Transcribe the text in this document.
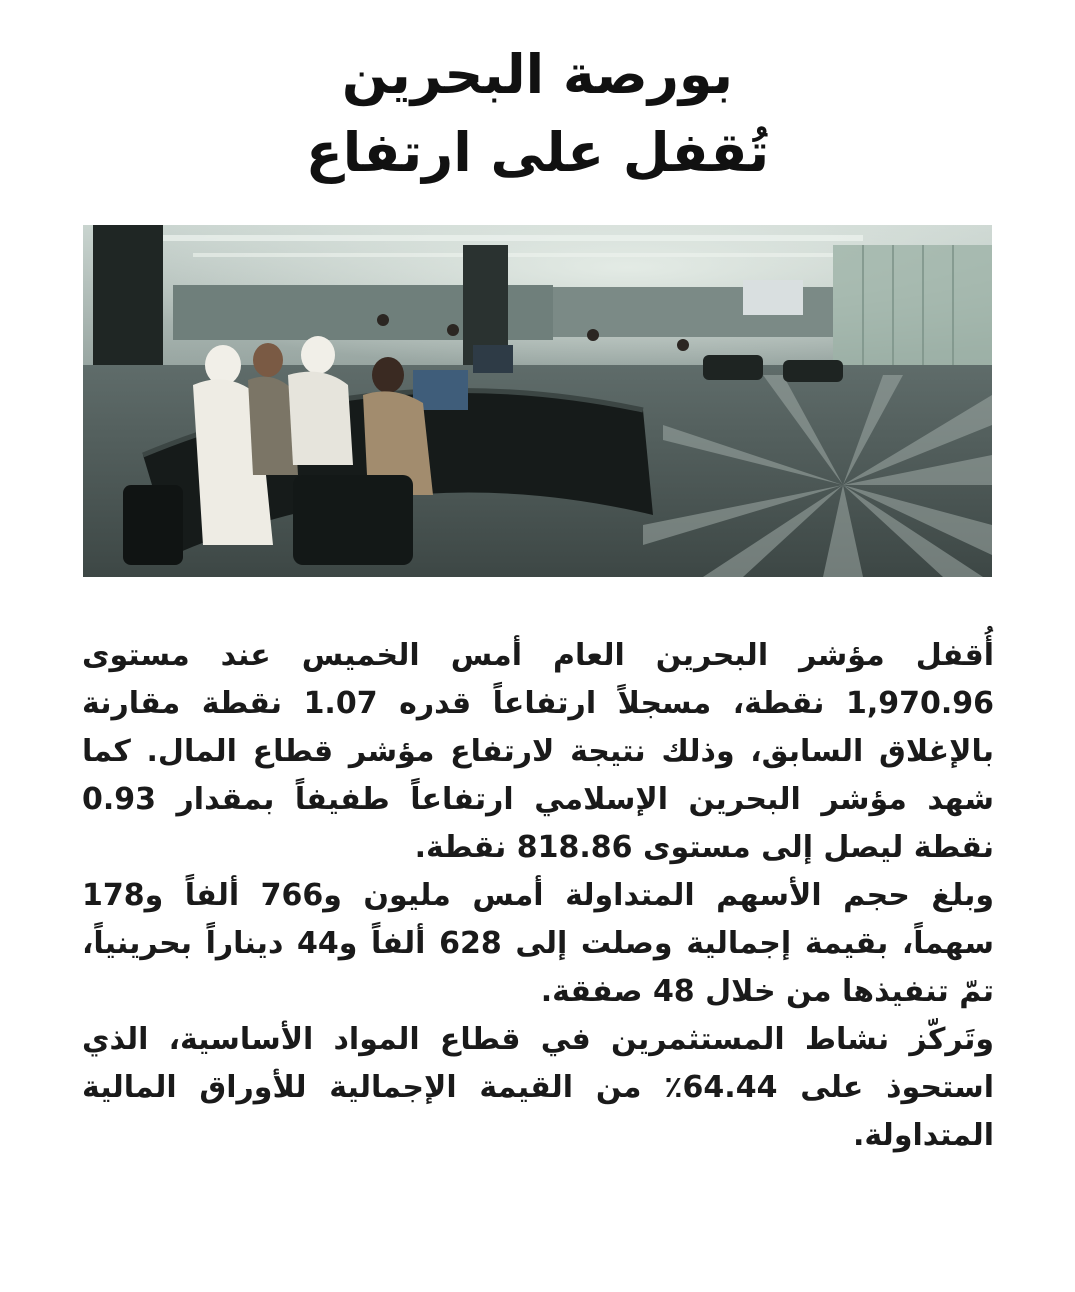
بورصة البحرين
تُقفل على ارتفاع

أُقفل مؤشر البحرين العام أمس الخميس عند مستوى 1,970.96 نقطة، مسجلاً ارتفاعاً قدره 1.07 نقطة مقارنة بالإغلاق السابق، وذلك نتيجة لارتفاع مؤشر قطاع المال. كما شهد مؤشر البحرين الإسلامي ارتفاعاً طفيفاً بمقدار 0.93 نقطة ليصل إلى مستوى 818.86 نقطة.

وبلغ حجم الأسهم المتداولة أمس مليون و766 ألفاً و178 سهماً، بقيمة إجمالية وصلت إلى 628 ألفاً و44 ديناراً بحرينياً، تمّ تنفيذها من خلال 48 صفقة.

وتَركّز نشاط المستثمرين في قطاع المواد الأساسية، الذي استحوذ على 64.44٪ من القيمة الإجمالية للأوراق المالية المتداولة.
